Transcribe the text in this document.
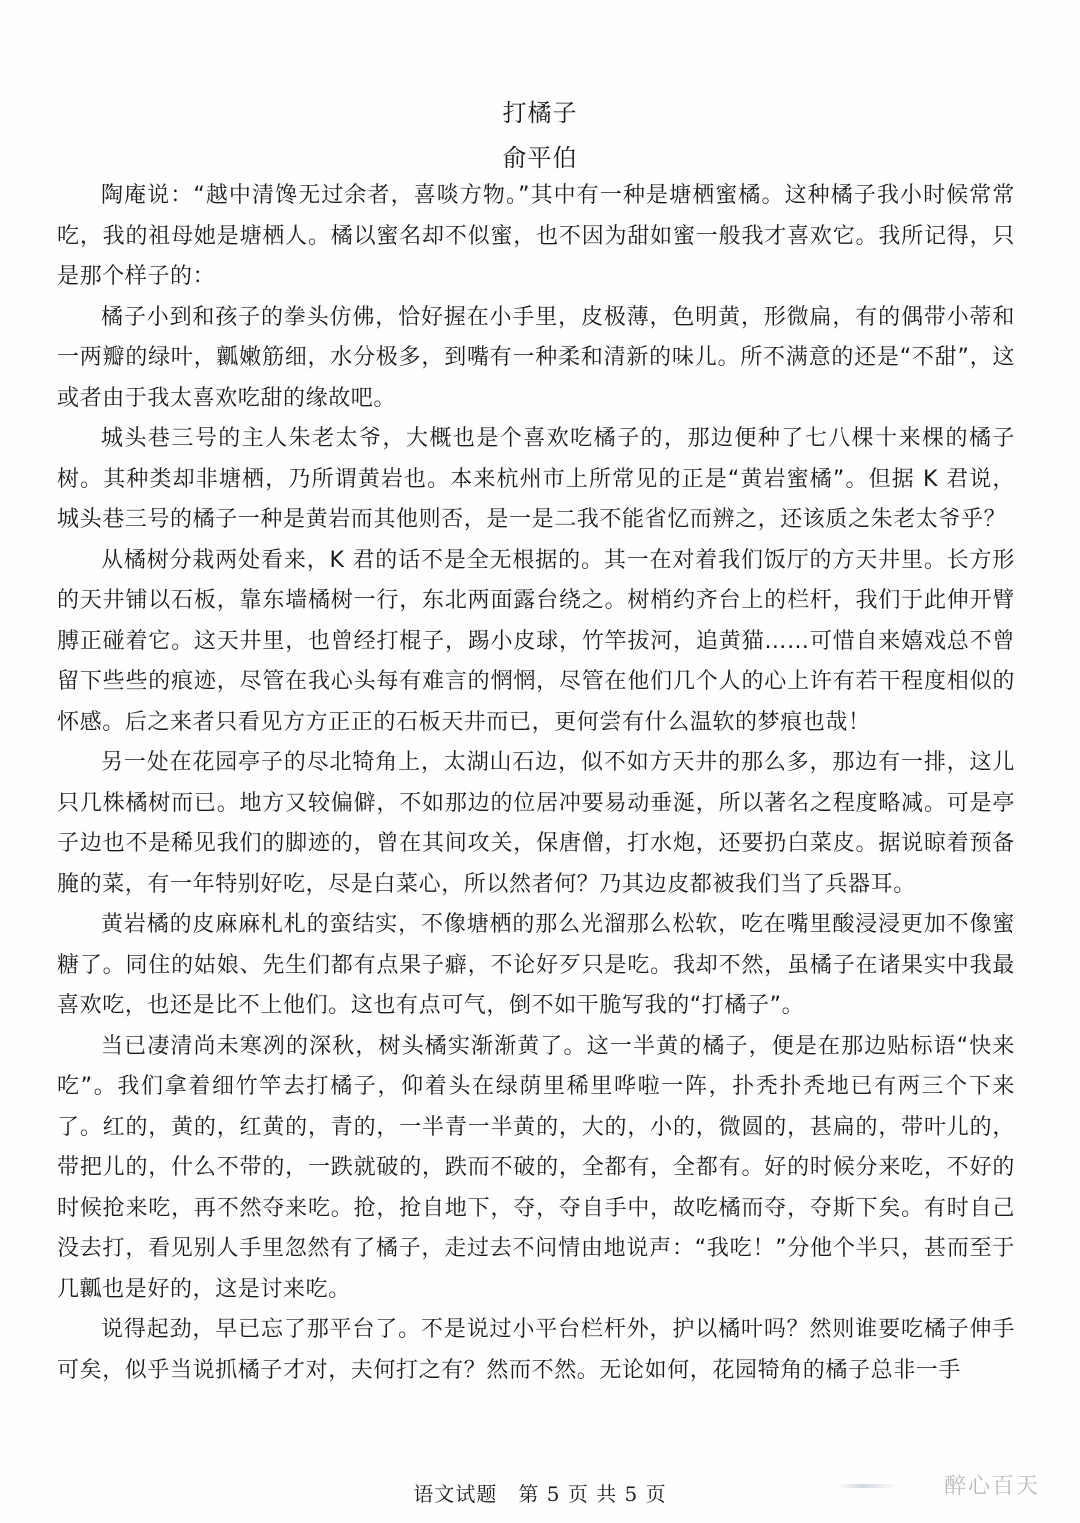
打橘子
俞平伯

陶庵说：“越中清馋无过余者，喜啖方物。”其中有一种是塘栖蜜橘。这种橘子我小时候常常吃，我的祖母她是塘栖人。橘以蜜名却不似蜜，也不因为甜如蜜一般我才喜欢它。我所记得，只是那个样子的：

橘子小到和孩子的拳头仿佛，恰好握在小手里，皮极薄，色明黄，形微扁，有的偶带小蒂和一两瓣的绿叶，瓤嫩筋细，水分极多，到嘴有一种柔和清新的味儿。所不满意的还是“不甜”，这或者由于我太喜欢吃甜的缘故吧。

城头巷三号的主人朱老太爷，大概也是个喜欢吃橘子的，那边便种了七八棵十来棵的橘子树。其种类却非塘栖，乃所谓黄岩也。本来杭州市上所常见的正是“黄岩蜜橘”。但据 K 君说，城头巷三号的橘子一种是黄岩而其他则否，是一是二我不能省忆而辨之，还该质之朱老太爷乎？

从橘树分栽两处看来，K 君的话不是全无根据的。其一在对着我们饭厅的方天井里。长方形的天井铺以石板，靠东墙橘树一行，东北两面露台绕之。树梢约齐台上的栏杆，我们于此伸开臂膊正碰着它。这天井里，也曾经打棍子，踢小皮球，竹竿拔河，追黄猫……可惜自来嬉戏总不曾留下些些的痕迹，尽管在我心头每有难言的惘惘，尽管在他们几个人的心上许有若干程度相似的怀感。后之来者只看见方方正正的石板天井而已，更何尝有什么温软的梦痕也哉！

另一处在花园亭子的尽北犄角上，太湖山石边，似不如方天井的那么多，那边有一排，这儿只几株橘树而已。地方又较偏僻，不如那边的位居冲要易动垂涎，所以著名之程度略减。可是亭子边也不是稀见我们的脚迹的，曾在其间攻关，保唐僧，打水炮，还要扔白菜皮。据说晾着预备腌的菜，有一年特别好吃，尽是白菜心，所以然者何？乃其边皮都被我们当了兵器耳。

黄岩橘的皮麻麻札札的蛮结实，不像塘栖的那么光溜那么松软，吃在嘴里酸浸浸更加不像蜜糖了。同住的姑娘、先生们都有点果子癖，不论好歹只是吃。我却不然，虽橘子在诸果实中我最喜欢吃，也还是比不上他们。这也有点可气，倒不如干脆写我的“打橘子”。

当已凄清尚未寒冽的深秋，树头橘实渐渐黄了。这一半黄的橘子，便是在那边贴标语“快来吃”。我们拿着细竹竿去打橘子，仰着头在绿荫里稀里哗啦一阵，扑秃扑秃地已有两三个下来了。红的，黄的，红黄的，青的，一半青一半黄的，大的，小的，微圆的，甚扁的，带叶儿的，带把儿的，什么不带的，一跌就破的，跌而不破的，全都有，全都有。好的时候分来吃，不好的时候抢来吃，再不然夺来吃。抢，抢自地下，夺，夺自手中，故吃橘而夺，夺斯下矣。有时自己没去打，看见别人手里忽然有了橘子，走过去不问情由地说声：“我吃！”分他个半只，甚而至于几瓤也是好的，这是讨来吃。

说得起劲，早已忘了那平台了。不是说过小平台栏杆外，护以橘叶吗？然则谁要吃橘子伸手可矣，似乎当说抓橘子才对，夫何打之有？然而不然。无论如何，花园犄角的橘子总非一手

语文试题　第 5 页 共 5 页	醉心百天
